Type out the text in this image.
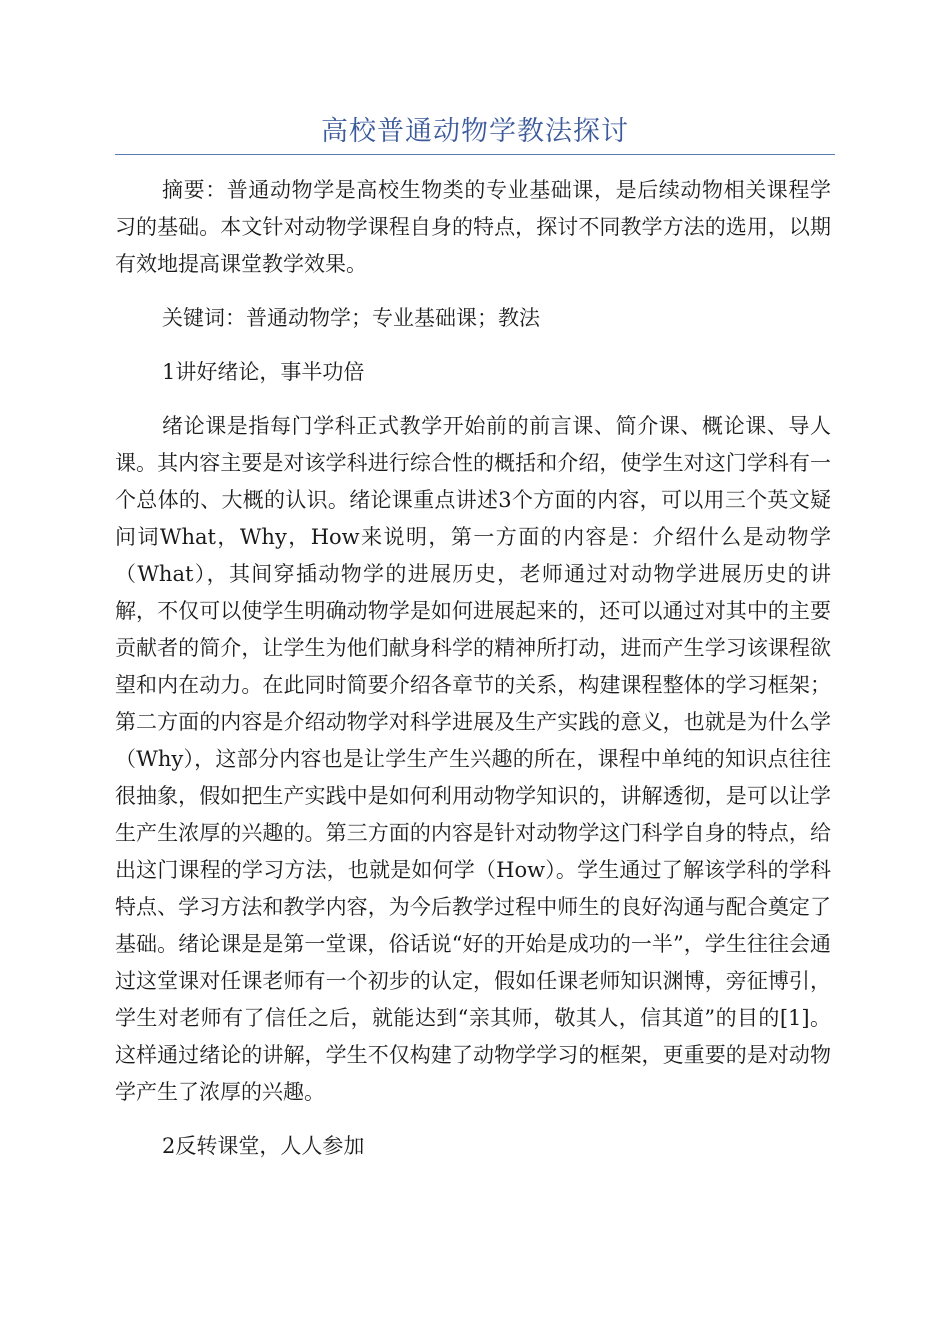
高校普通动物学教法探讨

摘要：普通动物学是高校生物类的专业基础课，是后续动物相关课程学习的基础。本文针对动物学课程自身的特点，探讨不同教学方法的选用，以期有效地提高课堂教学效果。

关键词：普通动物学；专业基础课；教法

1讲好绪论，事半功倍

绪论课是指每门学科正式教学开始前的前言课、简介课、概论课、导人课。其内容主要是对该学科进行综合性的概括和介绍，使学生对这门学科有一个总体的、大概的认识。绪论课重点讲述3个方面的内容，可以用三个英文疑问词What，Why，How来说明，第一方面的内容是：介绍什么是动物学（What），其间穿插动物学的进展历史，老师通过对动物学进展历史的讲解，不仅可以使学生明确动物学是如何进展起来的，还可以通过对其中的主要贡献者的简介，让学生为他们献身科学的精神所打动，进而产生学习该课程欲望和内在动力。在此同时简要介绍各章节的关系，构建课程整体的学习框架；第二方面的内容是介绍动物学对科学进展及生产实践的意义，也就是为什么学（Why），这部分内容也是让学生产生兴趣的所在，课程中单纯的知识点往往很抽象，假如把生产实践中是如何利用动物学知识的，讲解透彻，是可以让学生产生浓厚的兴趣的。第三方面的内容是针对动物学这门科学自身的特点，给出这门课程的学习方法，也就是如何学（How）。学生通过了解该学科的学科特点、学习方法和教学内容，为今后教学过程中师生的良好沟通与配合奠定了基础。绪论课是是第一堂课，俗话说“好的开始是成功的一半”，学生往往会通过这堂课对任课老师有一个初步的认定，假如任课老师知识渊博，旁征博引，学生对老师有了信任之后，就能达到“亲其师，敬其人，信其道”的目的[1]。这样通过绪论的讲解，学生不仅构建了动物学学习的框架，更重要的是对动物学产生了浓厚的兴趣。

2反转课堂，人人参加
